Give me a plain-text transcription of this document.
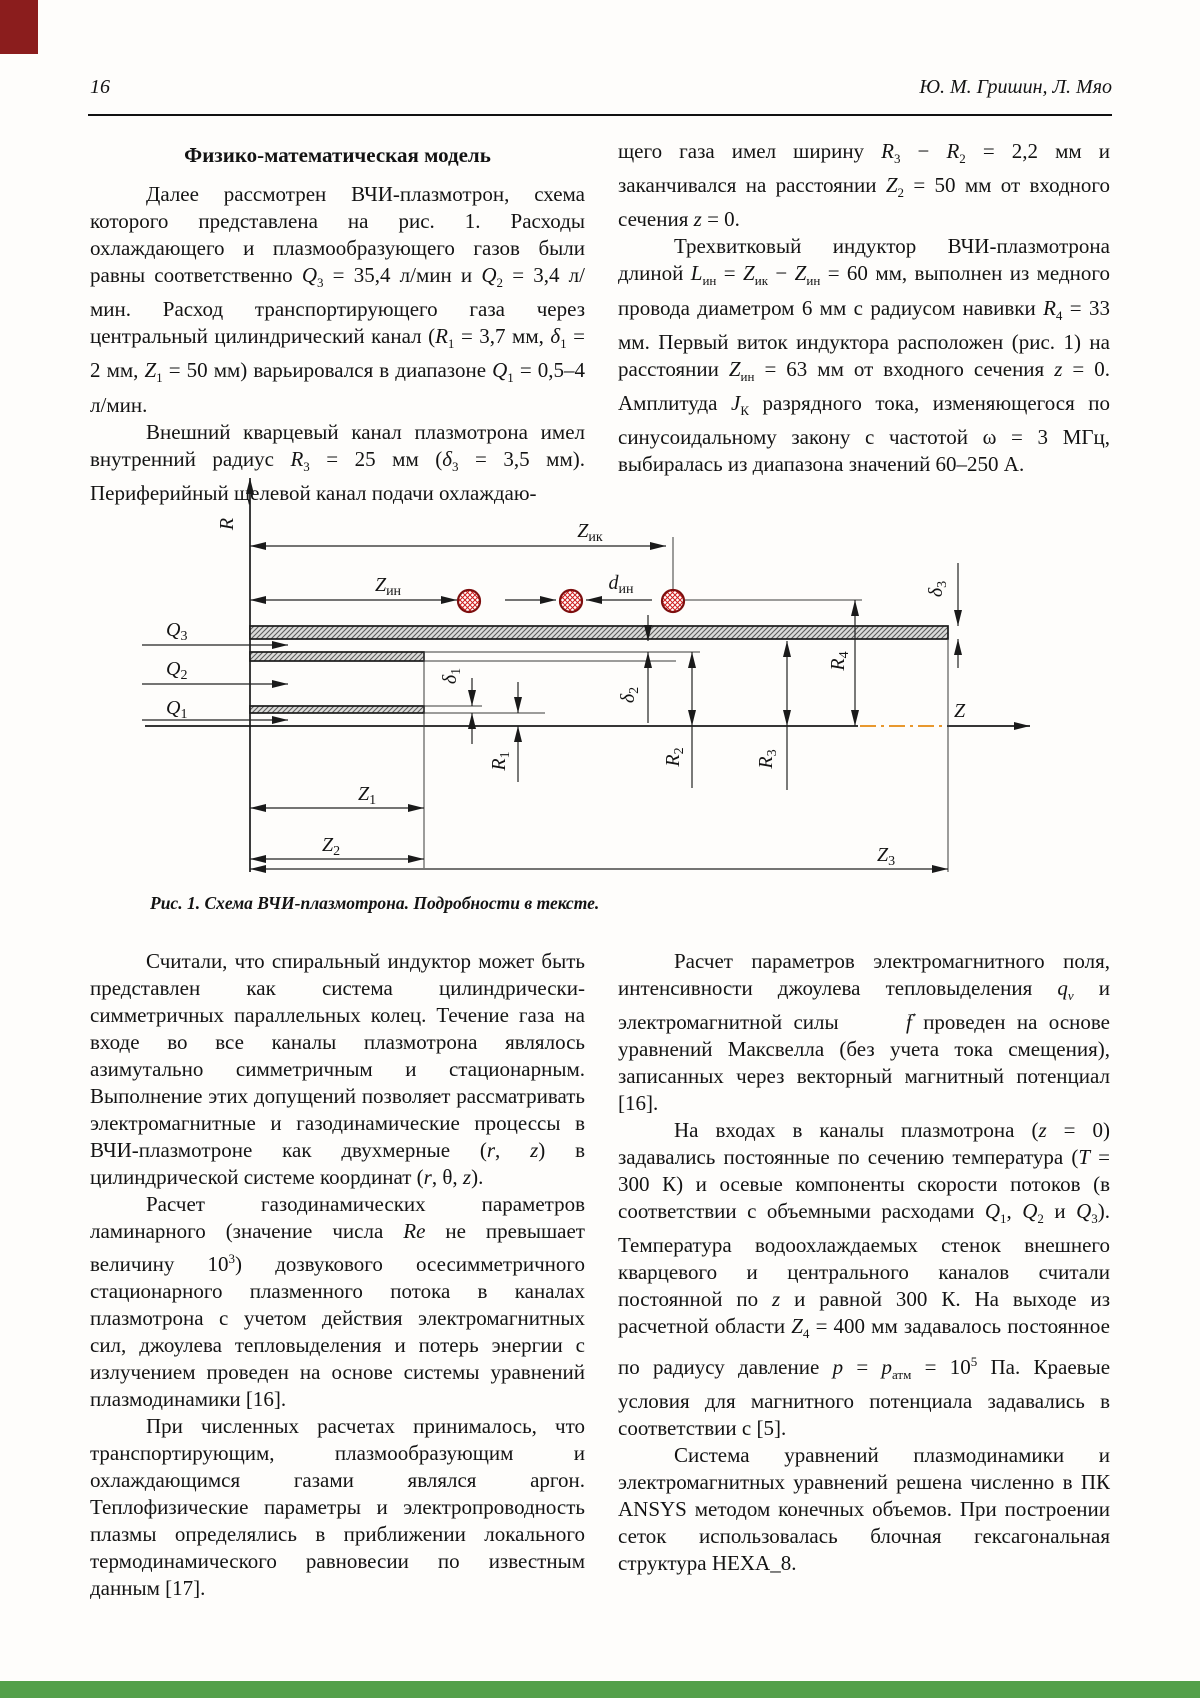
16	Ю. М. Гришин, Л. Мяо
Физико-математическая модель

Далее рассмотрен ВЧИ-плазмотрон, схема которого представлена на рис. 1. Расходы охлаждающего и плазмообразующего газов были равны соответственно $Q_3 = 35,4$ л/мин и $Q_2 = 3,4$ л/мин. Расход транспортирующего газа через центральный цилиндрический канал ($R_1 = 3,7$ мм, $\delta_1 = 2$ мм, $Z_1 = 50$ мм) варьировался в диапазоне $Q_1 = 0,5-4$ л/мин.

Внешний кварцевый канал плазмотрона имел внутренний радиус $R_3 = 25$ мм ($\delta_3 = 3,5$ мм). Периферийный щелевой канал подачи охлаждаю-

щего газа имел ширину $R_3 - R_2 = 2,2$ мм и заканчивался на расстоянии $Z_2 = 50$ мм от входного сечения z = 0.

Трехвитковый индуктор ВЧИ-плазмотрона длиной $L_{ин} = Z_{ик} - Z_{ин} = 60$ мм, выполнен из медного провода диаметром 6 мм с радиусом навивки $R_4 = 33$ мм. Первый виток индуктора расположен (рис. 1) на расстоянии $Z_{ин} = 63$ мм от входного сечения z = 0. Амплитуда $J_К$ разрядного тока, изменяющегося по синусоидальному закону с частотой ω = 3 МГц, выбиралась из диапазона значений 60–250 А.

R
Z
$Z_{ик}$
$Z_{ин}$	$d_{ин}$
$Q_3$
$Q_2$
$Q_1$
$\delta_1$
$\delta_2$
$\delta_3$
$R_1$	$R_2$
$R_3$
$R_4$
$Z_1$
$Z_2$	$Z_3$
Рис. 1. Схема ВЧИ-плазмотрона. Подробности в тексте.

Считали, что спиральный индуктор может быть представлен как система цилиндрически-симметричных параллельных колец. Течение газа на входе во все каналы плазмотрона являлось азимутально симметричным и стационарным. Выполнение этих допущений позволяет рассматривать электромагнитные и газодинамические процессы в ВЧИ-плазмотроне как двухмерные (r, z) в цилиндрической системе координат (r, θ, z).

Расчет газодинамических параметров ламинарного (значение числа Re не превышает величину $10^3$) дозвукового осесимметричного стационарного плазменного потока в каналах плазмотрона с учетом действия электромагнитных сил, джоулева тепловыделения и потерь энергии с излучением проведен на основе системы уравнений плазмодинамики [16].

При численных расчетах принималось, что транспортирующим, плазмообразующим и охлаждающимся газами являлся аргон. Теплофизические параметры и электропроводность плазмы определялись в приближении локального термодинамического равновесии по известным данным [17].

Расчет параметров электромагнитного поля, интенсивности джоулева тепловыделения $q_v$ и электромагнитной силы	f → проведен на основе уравнений Максвелла (без учета тока смещения), записанных через векторный магнитный потенциал [16].

На входах в каналы плазмотрона (z = 0) задавались постоянные по сечению температура (T = 300 К) и осевые компоненты скорости потоков (в соответствии с объемными расходами $Q_1$, $Q_2$ и $Q_3$). Температура водоохлаждаемых стенок внешнего кварцевого и центрального каналов считали постоянной по z и равной 300 К. На выходе из расчетной области $Z_4 = 400$ мм задавалось постоянное по радиусу давление $p = p_{атм} = 10^5$ Па. Краевые условия для магнитного потенциала задавались в соответствии с [5].

Система уравнений плазмодинамики и электромагнитных уравнений решена численно в ПК ANSYS методом конечных объемов. При построении сеток использовалась блочная гексагональная структура HEXA_8.
